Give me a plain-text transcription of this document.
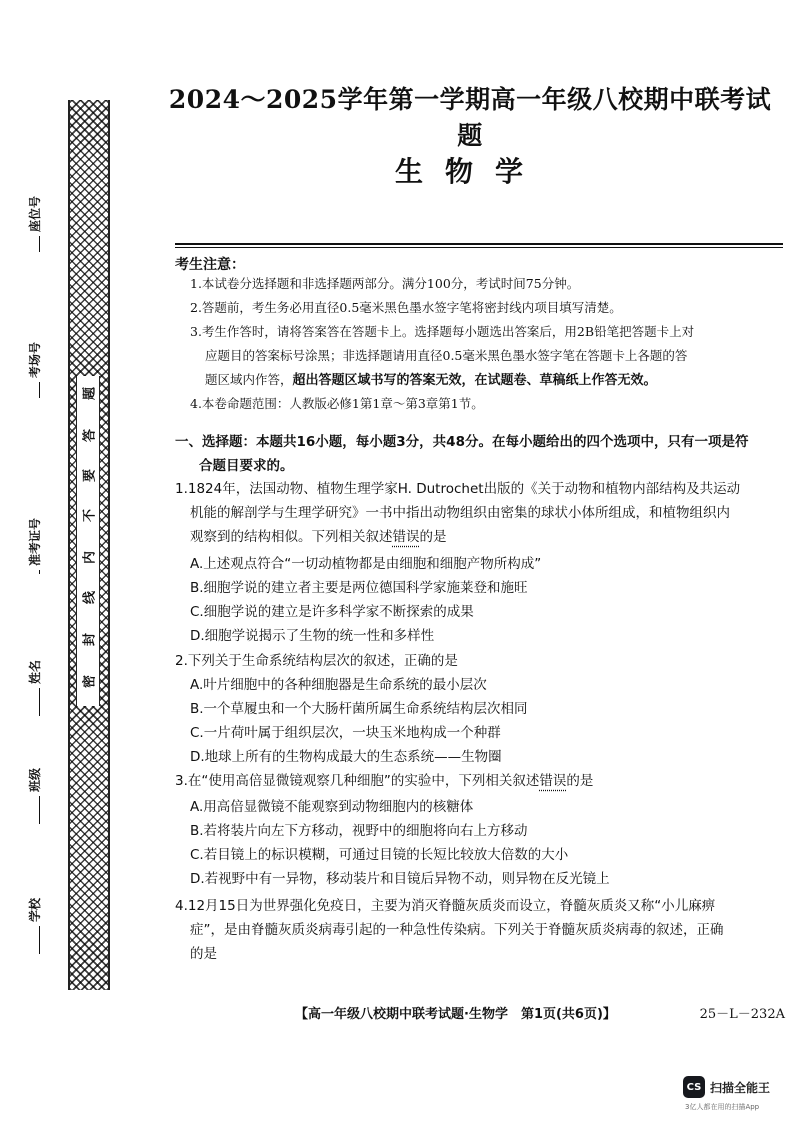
题
答
要
不
内
线
封
密
座位号
考场号
准考证号
姓名
班级
学校
2024～2025学年第一学期高一年级八校期中联考试题
生物学
考生注意：
1.本试卷分选择题和非选择题两部分。满分100分，考试时间75分钟。
2.答题前，考生务必用直径0.5毫米黑色墨水签字笔将密封线内项目填写清楚。
3.考生作答时，请将答案答在答题卡上。选择题每小题选出答案后，用2B铅笔把答题卡上对
应题目的答案标号涂黑；非选择题请用直径0.5毫米黑色墨水签字笔在答题卡上各题的答
题区域内作答，超出答题区域书写的答案无效，在试题卷、草稿纸上作答无效。
4.本卷命题范围：人教版必修1第1章～第3章第1节。
一、选择题：本题共16小题，每小题3分，共48分。在每小题给出的四个选项中，只有一项是符
合题目要求的。
1.1824年，法国动物、植物生理学家H. Dutrochet出版的《关于动物和植物内部结构及共运动
机能的解剖学与生理学研究》一书中指出动物组织由密集的球状小体所组成，和植物组织内
观察到的结构相似。下列相关叙述错误的是
A.上述观点符合“一切动植物都是由细胞和细胞产物所构成”
B.细胞学说的建立者主要是两位德国科学家施莱登和施旺
C.细胞学说的建立是许多科学家不断探索的成果
D.细胞学说揭示了生物的统一性和多样性
2.下列关于生命系统结构层次的叙述，正确的是
A.叶片细胞中的各种细胞器是生命系统的最小层次
B.一个草履虫和一个大肠杆菌所属生命系统结构层次相同
C.一片荷叶属于组织层次，一块玉米地构成一个种群
D.地球上所有的生物构成最大的生态系统——生物圈
3.在“使用高倍显微镜观察几种细胞”的实验中，下列相关叙述错误的是
A.用高倍显微镜不能观察到动物细胞内的核糖体
B.若将装片向左下方移动，视野中的细胞将向右上方移动
C.若目镜上的标识模糊，可通过目镜的长短比较放大倍数的大小
D.若视野中有一异物，移动装片和目镜后异物不动，则异物在反光镜上
4.12月15日为世界强化免疫日，主要为消灭脊髓灰质炎而设立，脊髓灰质炎又称“小儿麻痹
症”，是由脊髓灰质炎病毒引起的一种急性传染病。下列关于脊髓灰质炎病毒的叙述，正确
的是
【高一年级八校期中联考试题·生物学　第1页(共6页)】	25－L－232A
CS 扫描全能王
3亿人都在用的扫描App
